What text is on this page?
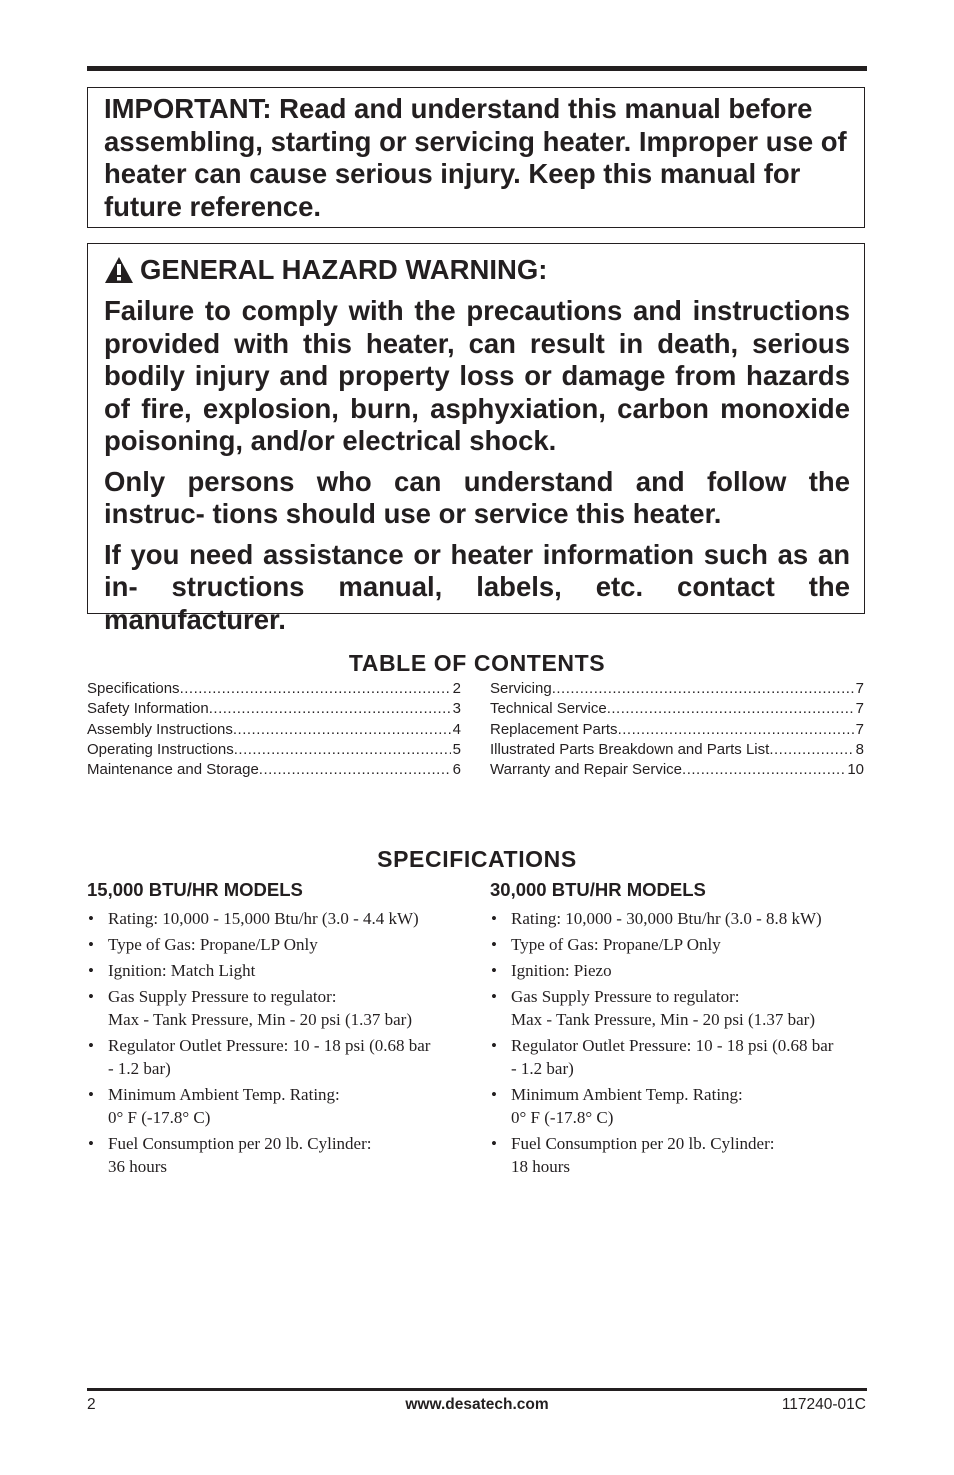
IMPORTANT: Read and understand this manual before assembling, starting or servicing heater. Improper use of heater can cause serious injury. Keep this manual for future reference.

GENERAL HAZARD WARNING:

Failure to comply with the precautions and instructions provided with this heater, can result in death, serious bodily injury and property loss or damage from hazards of fire, explosion, burn, asphyxiation, carbon monoxide poisoning, and/or electrical shock.

Only persons who can understand and follow the instruc- tions should use or service this heater.

If you need assistance or heater information such as an in- structions manual, labels, etc. contact the manufacturer.

TABLE OF CONTENTS
Specifications .....	2
Safety Information .....	3
Assembly Instructions .....	4
Operating Instructions .....	5
Maintenance and Storage .....	6
Servicing .....	7
Technical Service .....	7
Replacement Parts .....	7
Illustrated Parts Breakdown and Parts List .....	8
Warranty and Repair Service .....	10
SPECIFICATIONS
15,000 BTU/HR MODELS
• Rating: 10,000 - 15,000 Btu/hr (3.0 - 4.4 kW)
• Type of Gas: Propane/LP Only
• Ignition: Match Light
• Gas Supply Pressure to regulator:
Max - Tank Pressure, Min - 20 psi (1.37 bar)
• Regulator Outlet Pressure: 10 - 18 psi (0.68 bar
- 1.2 bar)
• Minimum Ambient Temp. Rating:
0° F (-17.8° C)
• Fuel Consumption per 20 lb. Cylinder:
36 hours
30,000 BTU/HR MODELS
• Rating: 10,000 - 30,000 Btu/hr (3.0 - 8.8 kW)
• Type of Gas: Propane/LP Only
• Ignition: Piezo
• Gas Supply Pressure to regulator:
Max - Tank Pressure, Min - 20 psi (1.37 bar)
• Regulator Outlet Pressure: 10 - 18 psi (0.68 bar
- 1.2 bar)
• Minimum Ambient Temp. Rating:
0° F (-17.8° C)
• Fuel Consumption per 20 lb. Cylinder:
18 hours
2	www.desatech.com	117240-01C
